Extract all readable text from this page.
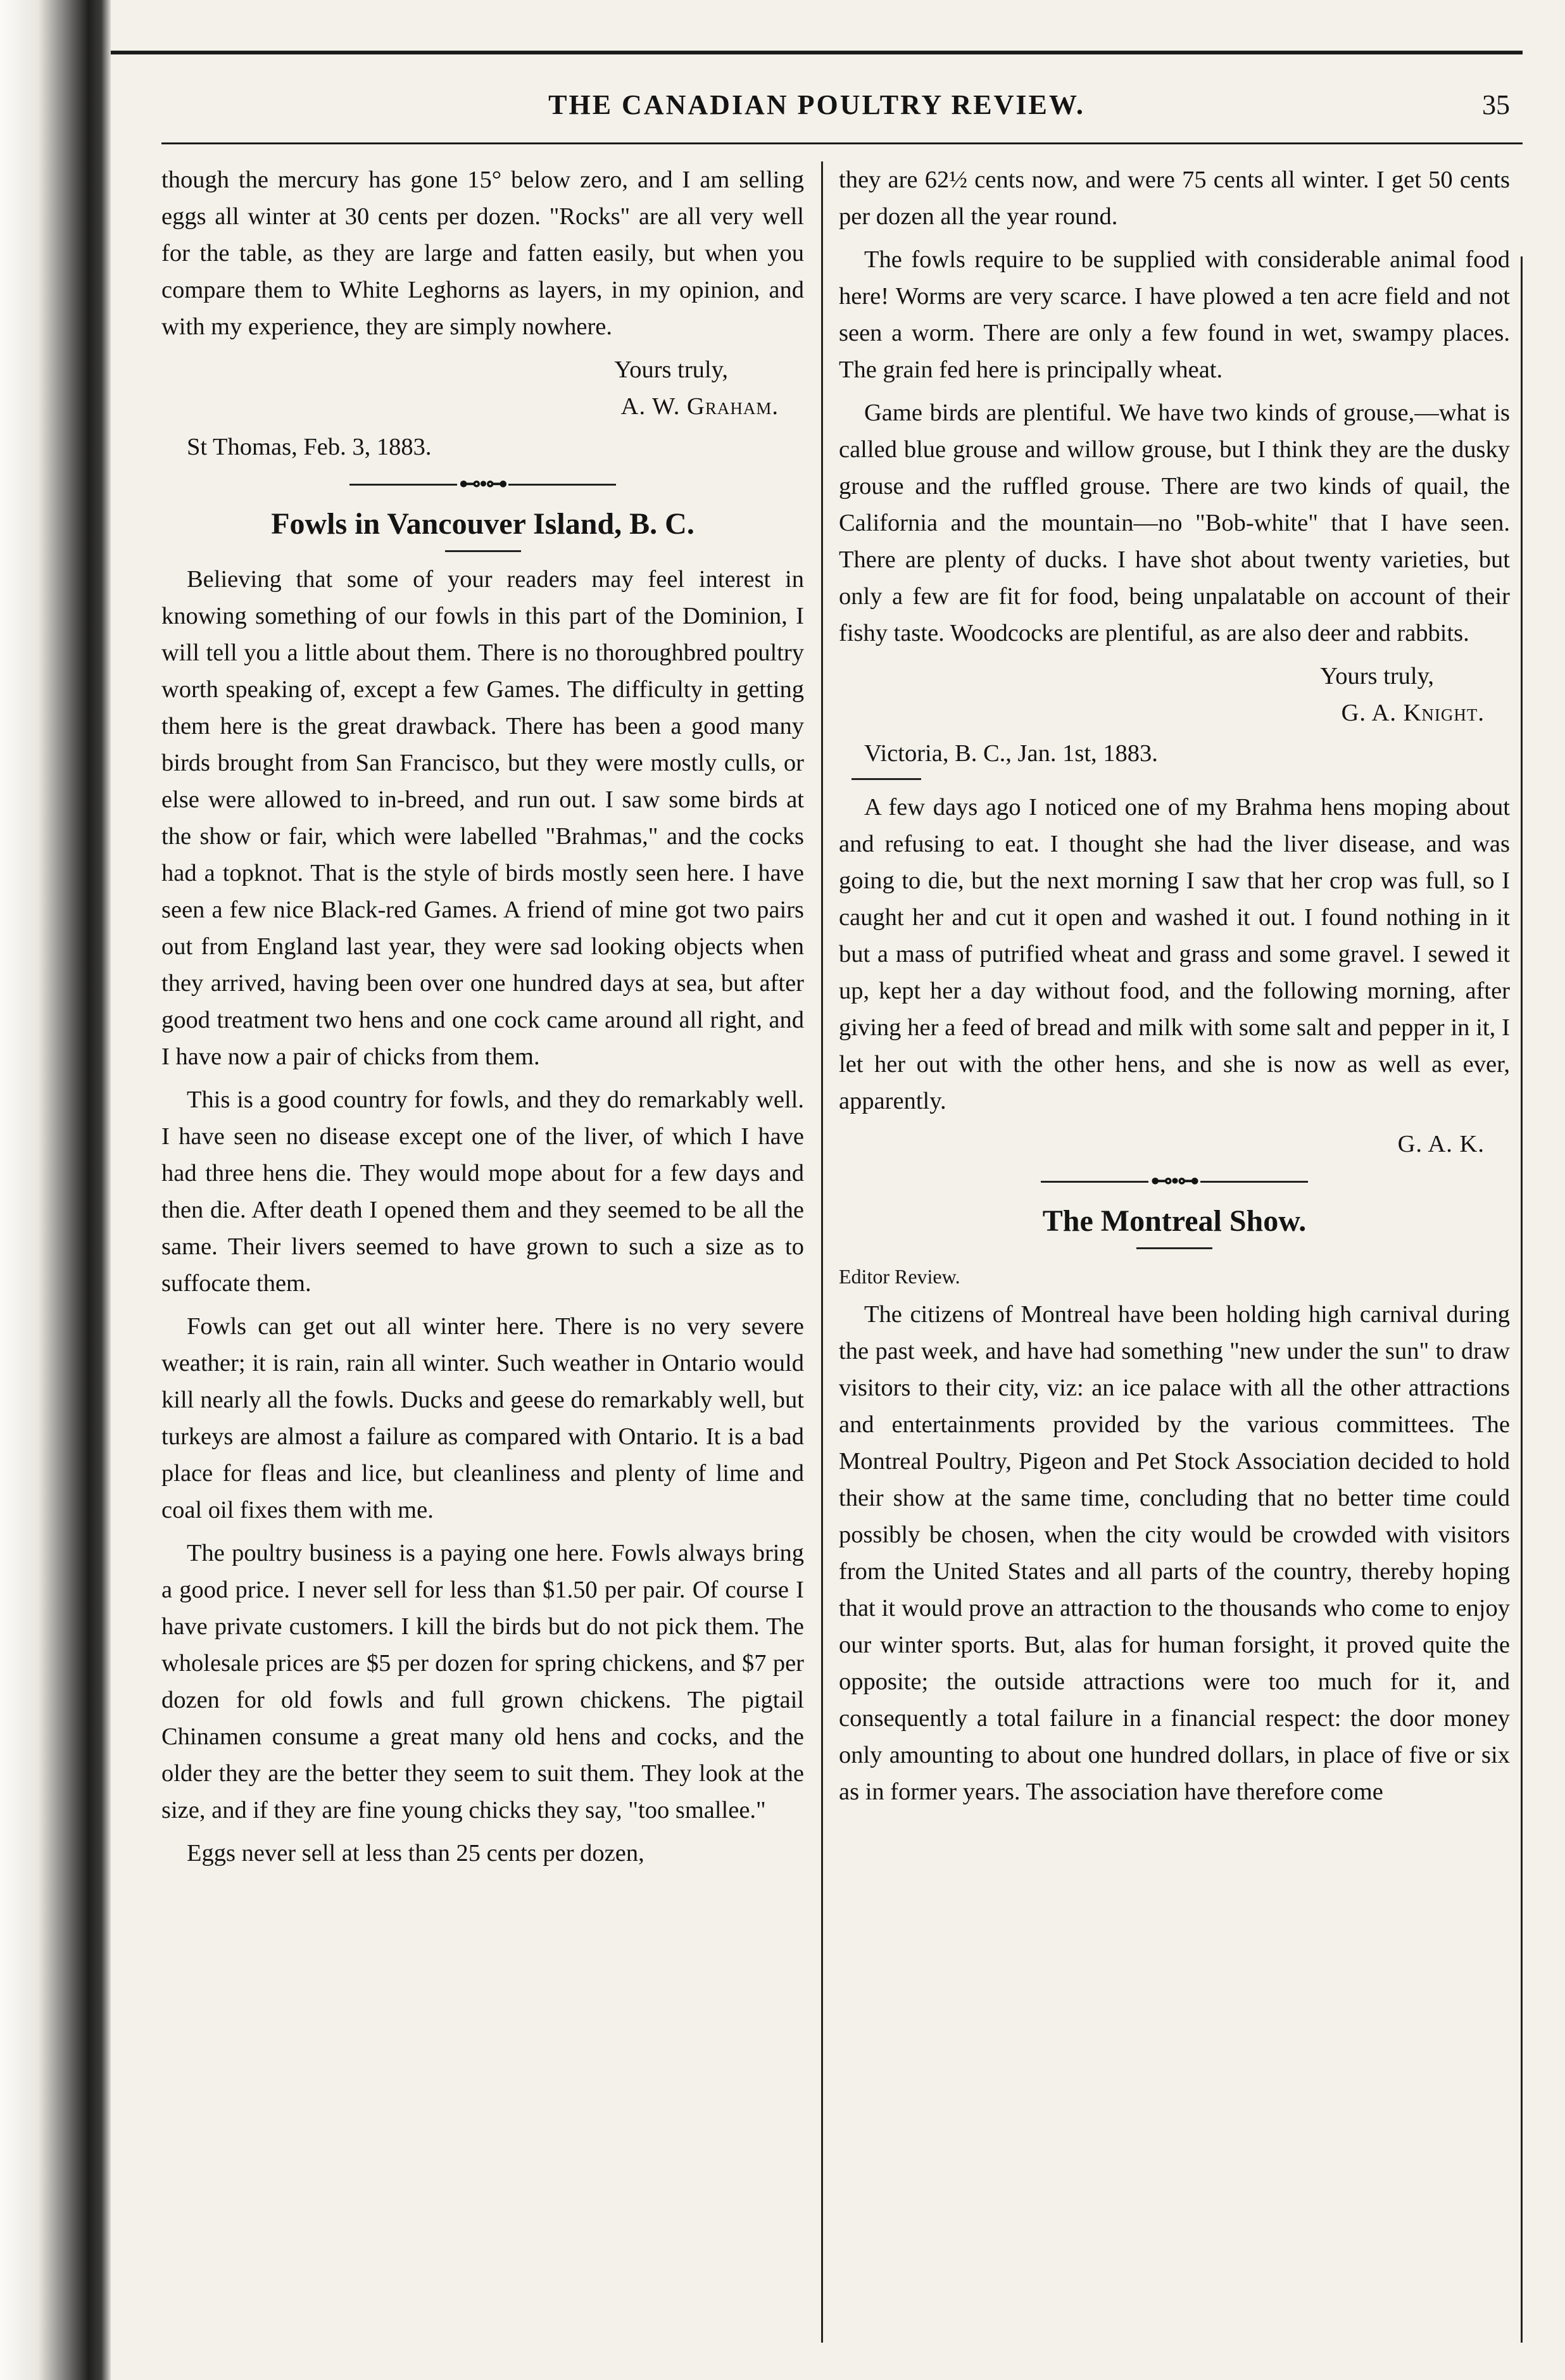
THE CANADIAN POULTRY REVIEW.	35

though the mercury has gone 15° below zero, and I am selling eggs all winter at 30 cents per dozen. "Rocks" are all very well for the table, as they are large and fatten easily, but when you compare them to White Leghorns as layers, in my opinion, and with my experience, they are simply nowhere.

Yours truly,

A. W. Graham.

St Thomas, Feb. 3, 1883.

⊷•⊶
Fowls in Vancouver Island, B. C.

Believing that some of your readers may feel interest in knowing something of our fowls in this part of the Dominion, I will tell you a little about them. There is no thoroughbred poultry worth speaking of, except a few Games. The difficulty in getting them here is the great drawback. There has been a good many birds brought from San Francisco, but they were mostly culls, or else were allowed to in-breed, and run out. I saw some birds at the show or fair, which were labelled "Brahmas," and the cocks had a topknot. That is the style of birds mostly seen here. I have seen a few nice Black-red Games. A friend of mine got two pairs out from England last year, they were sad looking objects when they arrived, having been over one hundred days at sea, but after good treatment two hens and one cock came around all right, and I have now a pair of chicks from them.

This is a good country for fowls, and they do remarkably well. I have seen no disease except one of the liver, of which I have had three hens die. They would mope about for a few days and then die. After death I opened them and they seemed to be all the same. Their livers seemed to have grown to such a size as to suffocate them.

Fowls can get out all winter here. There is no very severe weather; it is rain, rain all winter. Such weather in Ontario would kill nearly all the fowls. Ducks and geese do remarkably well, but turkeys are almost a failure as compared with Ontario. It is a bad place for fleas and lice, but cleanliness and plenty of lime and coal oil fixes them with me.

The poultry business is a paying one here. Fowls always bring a good price. I never sell for less than $1.50 per pair. Of course I have private customers. I kill the birds but do not pick them. The wholesale prices are $5 per dozen for spring chickens, and $7 per dozen for old fowls and full grown chickens. The pigtail Chinamen consume a great many old hens and cocks, and the older they are the better they seem to suit them. They look at the size, and if they are fine young chicks they say, "too smallee."

Eggs never sell at less than 25 cents per dozen,

they are 62½ cents now, and were 75 cents all winter. I get 50 cents per dozen all the year round.

The fowls require to be supplied with considerable animal food here! Worms are very scarce. I have plowed a ten acre field and not seen a worm. There are only a few found in wet, swampy places. The grain fed here is principally wheat.

Game birds are plentiful. We have two kinds of grouse,—what is called blue grouse and willow grouse, but I think they are the dusky grouse and the ruffled grouse. There are two kinds of quail, the California and the mountain—no "Bob-white" that I have seen. There are plenty of ducks. I have shot about twenty varieties, but only a few are fit for food, being unpalatable on account of their fishy taste. Woodcocks are plentiful, as are also deer and rabbits.

Yours truly,

G. A. Knight.

Victoria, B. C., Jan. 1st, 1883.

A few days ago I noticed one of my Brahma hens moping about and refusing to eat. I thought she had the liver disease, and was going to die, but the next morning I saw that her crop was full, so I caught her and cut it open and washed it out. I found nothing in it but a mass of putrified wheat and grass and some gravel. I sewed it up, kept her a day without food, and the following morning, after giving her a feed of bread and milk with some salt and pepper in it, I let her out with the other hens, and she is now as well as ever, apparently.

G. A. K.

⊷•⊶
The Montreal Show.

Editor Review.

The citizens of Montreal have been holding high carnival during the past week, and have had something "new under the sun" to draw visitors to their city, viz: an ice palace with all the other attractions and entertainments provided by the various committees. The Montreal Poultry, Pigeon and Pet Stock Association decided to hold their show at the same time, concluding that no better time could possibly be chosen, when the city would be crowded with visitors from the United States and all parts of the country, thereby hoping that it would prove an attraction to the thousands who come to enjoy our winter sports. But, alas for human forsight, it proved quite the opposite; the outside attractions were too much for it, and consequently a total failure in a financial respect: the door money only amounting to about one hundred dollars, in place of five or six as in former years. The association have therefore come
